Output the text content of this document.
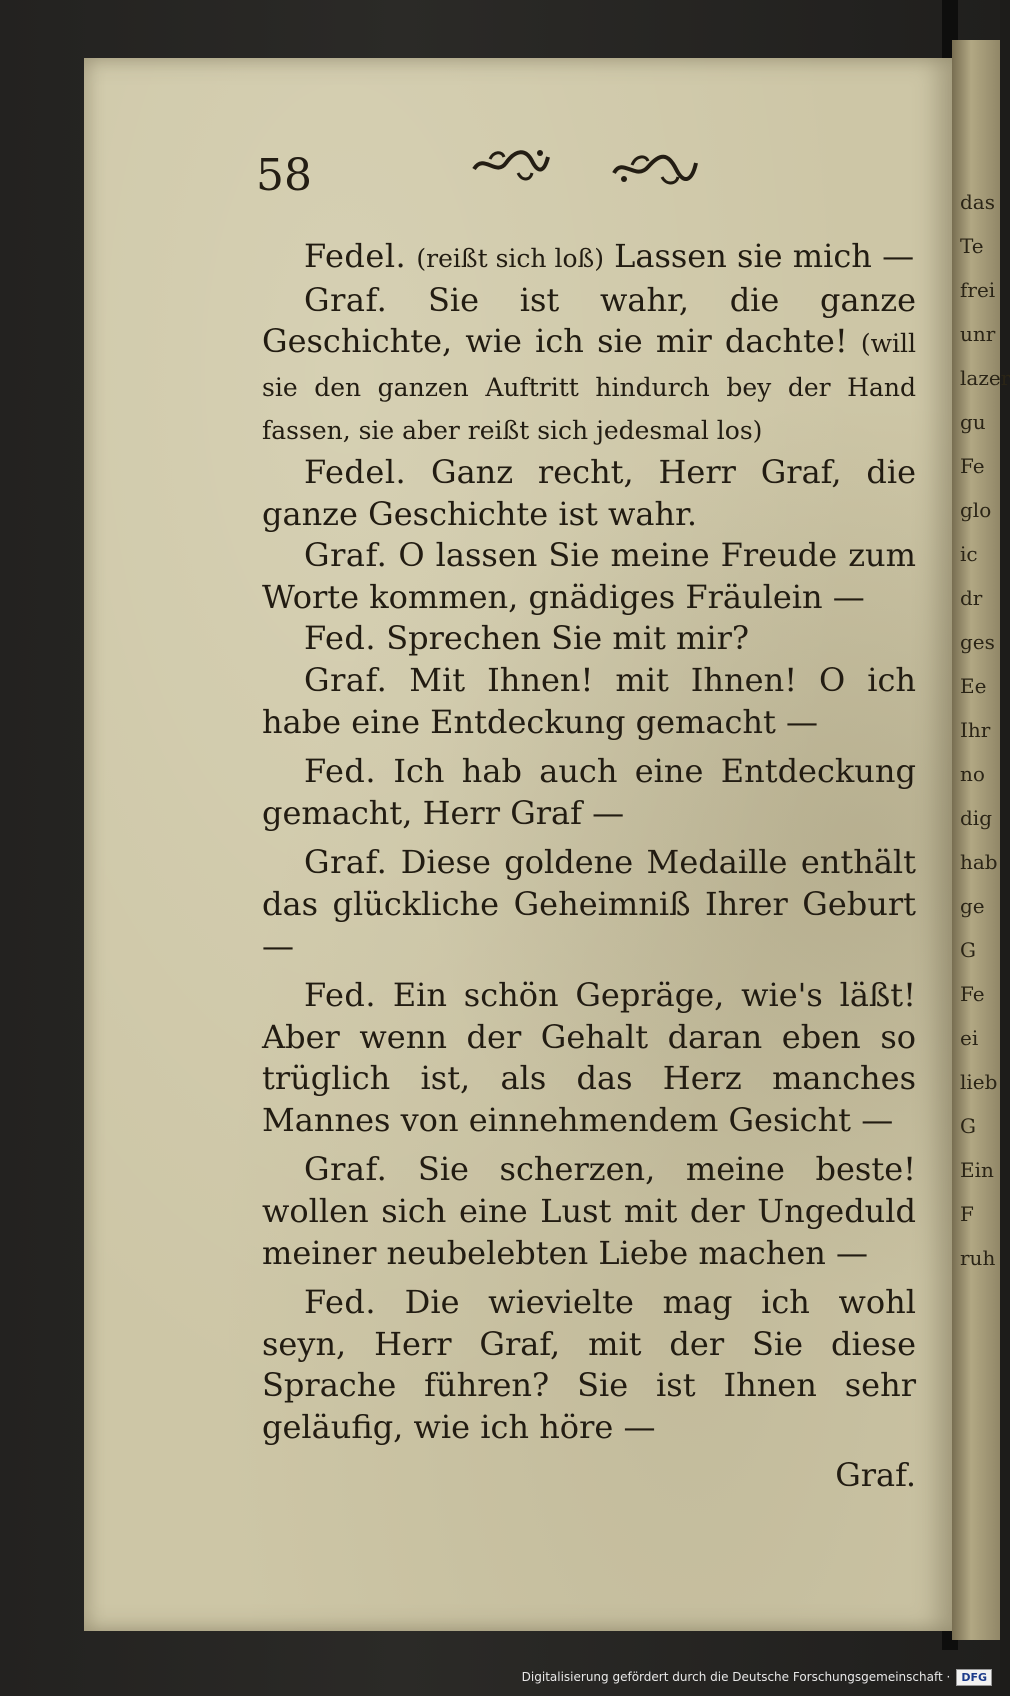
das
Te
frei
unr
lazer
gu
Fe
glo
ic
dr
ges
Ee
Ihr
no
dig
hab
ge
G
Fe
ei
lieb
G
Ein
F
ruh
58

Fedel. (reißt sich loß) Lassen sie mich —

Graf. Sie ist wahr, die ganze Geschichte, wie ich sie mir dachte! (will sie den ganzen Auftritt hindurch bey der Hand fassen, sie aber reißt sich jedesmal los)

Fedel. Ganz recht, Herr Graf, die ganze Geschichte ist wahr.

Graf. O lassen Sie meine Freude zum Worte kommen, gnädiges Fräulein —

Fed. Sprechen Sie mit mir?

Graf. Mit Ihnen! mit Ihnen! O ich habe eine Entdeckung gemacht —

Fed. Ich hab auch eine Entdeckung gemacht, Herr Graf —

Graf. Diese goldene Medaille enthält das glückliche Geheimniß Ihrer Geburt —

Fed. Ein schön Gepräge, wie's läßt! Aber wenn der Gehalt daran eben so trüglich ist, als das Herz manches Mannes von einnehmendem Gesicht —

Graf. Sie scherzen, meine beste! wollen sich eine Lust mit der Ungeduld meiner neubelebten Liebe machen —

Fed. Die wievielte mag ich wohl seyn, Herr Graf, mit der Sie diese Sprache führen? Sie ist Ihnen sehr geläufig, wie ich höre —

Graf.

Digitalisierung gefördert durch die Deutsche Forschungsgemeinschaft ·	DFG
